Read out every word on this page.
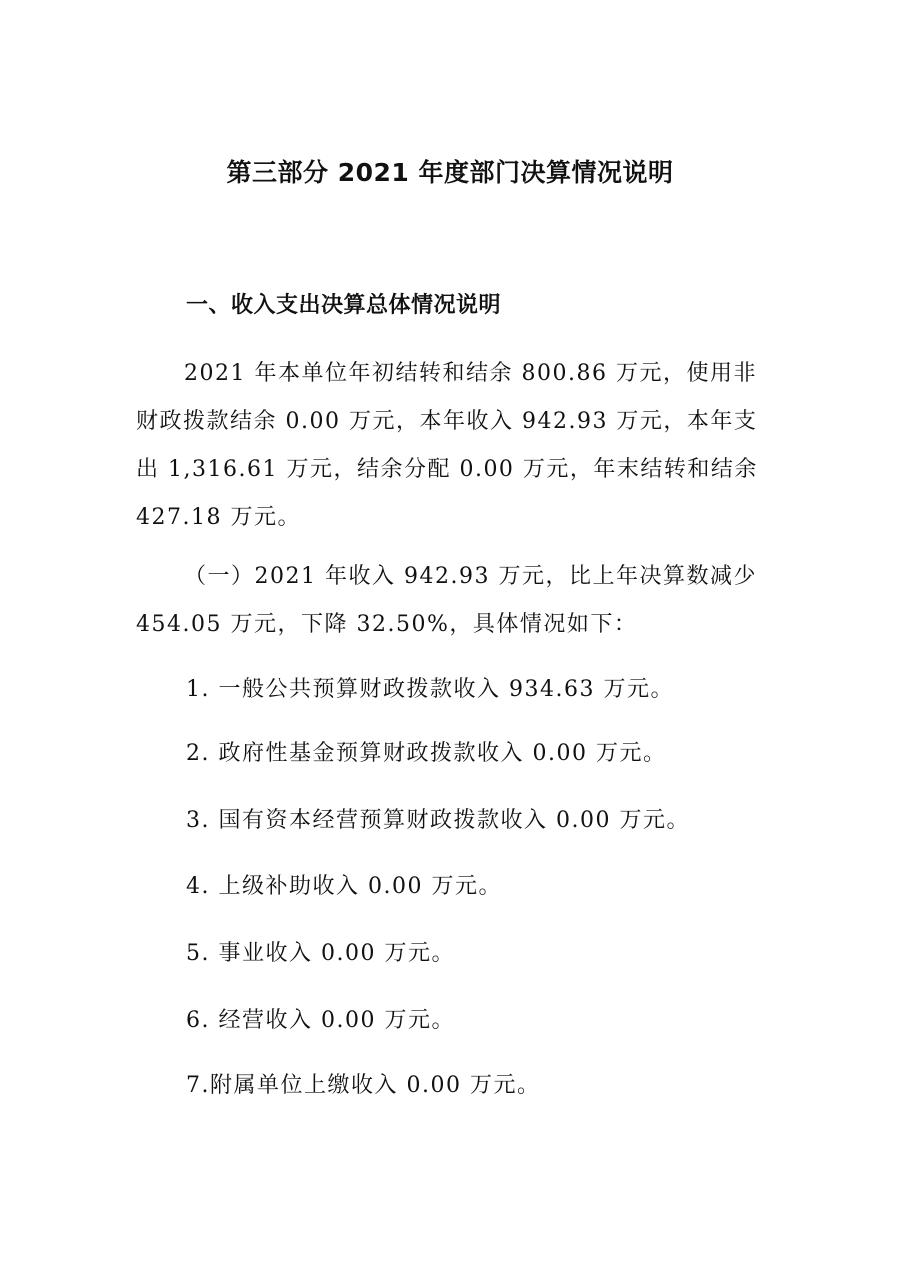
第三部分 2021 年度部门决算情况说明
一、收入支出决算总体情况说明

2021 年本单位年初结转和结余 800.86 万元，使用非财政拨款结余 0.00 万元，本年收入 942.93 万元，本年支出 1,316.61 万元，结余分配 0.00 万元，年末结转和结余 427.18 万元。

（一）2021 年收入 942.93 万元，比上年决算数减少 454.05 万元，下降 32.50%，具体情况如下：

1. 一般公共预算财政拨款收入 934.63 万元。

2. 政府性基金预算财政拨款收入 0.00 万元。

3. 国有资本经营预算财政拨款收入 0.00 万元。

4. 上级补助收入 0.00 万元。

5. 事业收入 0.00 万元。

6. 经营收入 0.00 万元。

7.附属单位上缴收入 0.00 万元。
